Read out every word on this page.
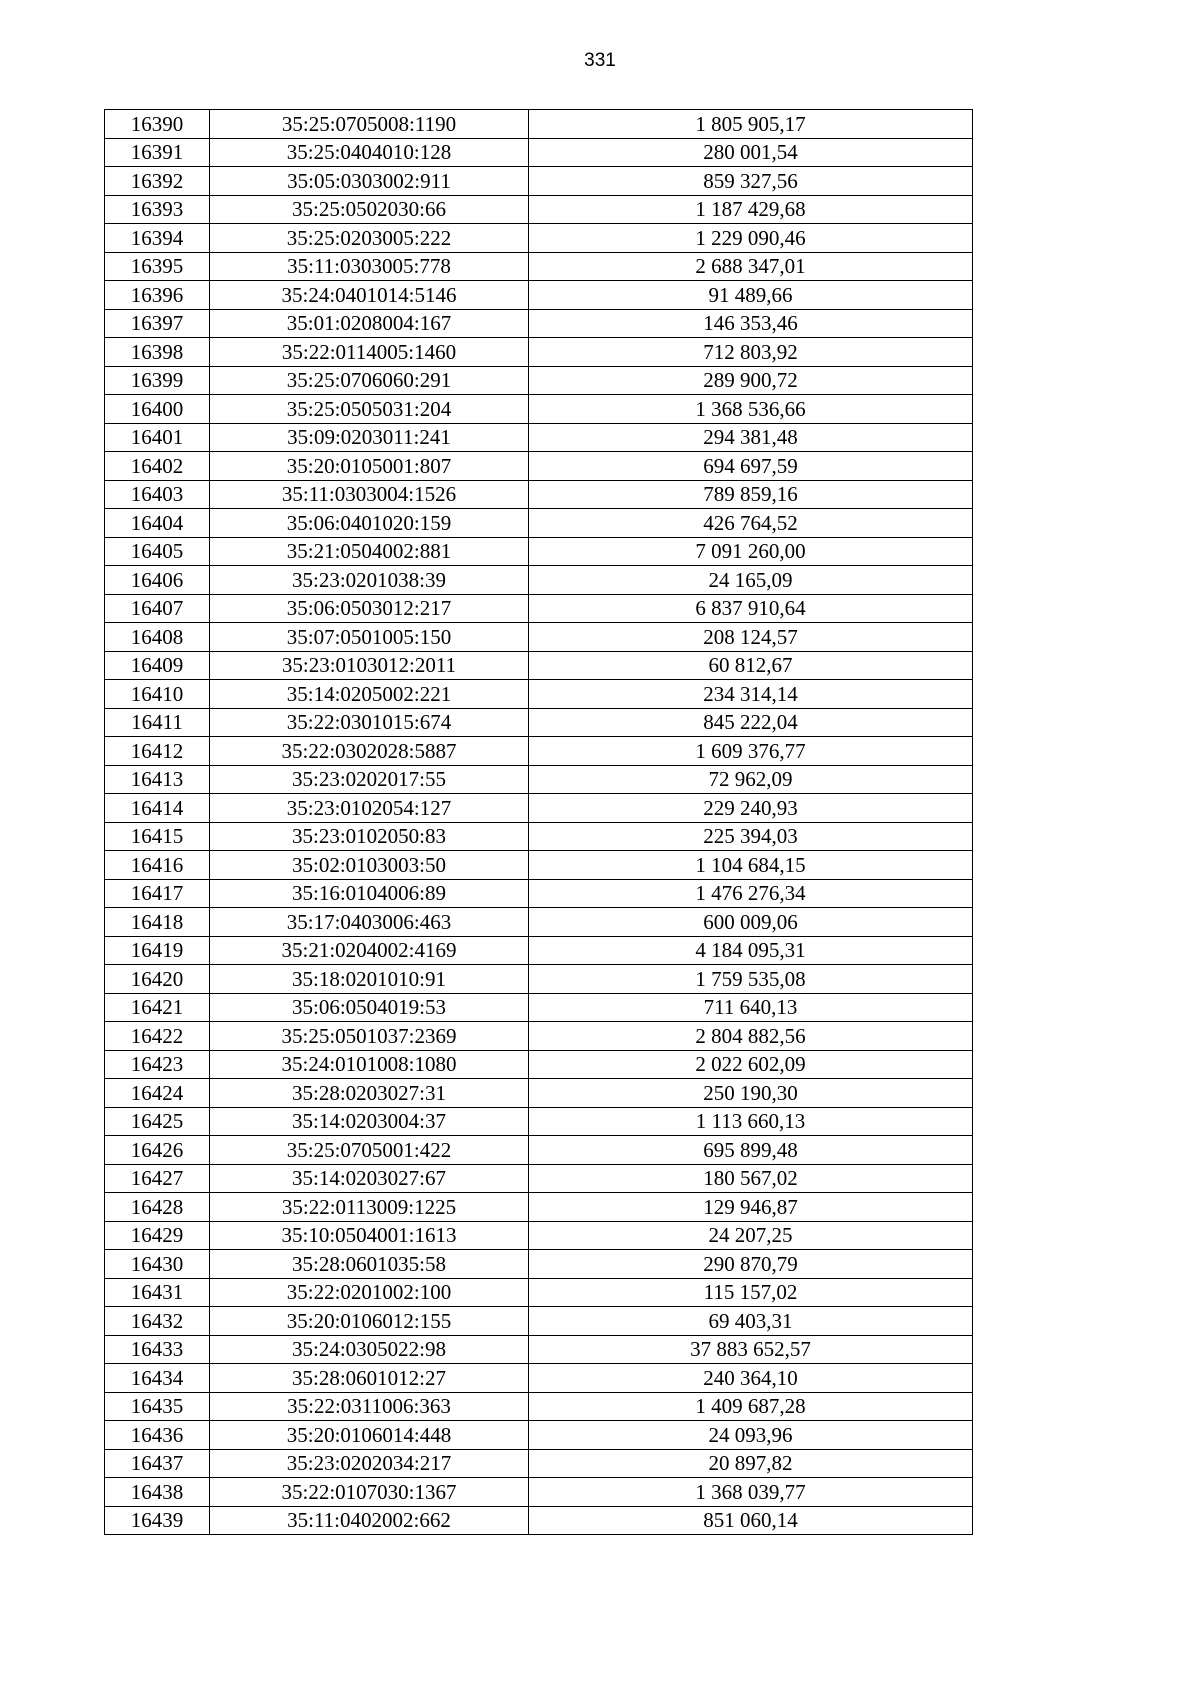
331
16390	35:25:0705008:1190	1 805 905,17
16391	35:25:0404010:128	280 001,54
16392	35:05:0303002:911	859 327,56
16393	35:25:0502030:66	1 187 429,68
16394	35:25:0203005:222	1 229 090,46
16395	35:11:0303005:778	2 688 347,01
16396	35:24:0401014:5146	91 489,66
16397	35:01:0208004:167	146 353,46
16398	35:22:0114005:1460	712 803,92
16399	35:25:0706060:291	289 900,72
16400	35:25:0505031:204	1 368 536,66
16401	35:09:0203011:241	294 381,48
16402	35:20:0105001:807	694 697,59
16403	35:11:0303004:1526	789 859,16
16404	35:06:0401020:159	426 764,52
16405	35:21:0504002:881	7 091 260,00
16406	35:23:0201038:39	24 165,09
16407	35:06:0503012:217	6 837 910,64
16408	35:07:0501005:150	208 124,57
16409	35:23:0103012:2011	60 812,67
16410	35:14:0205002:221	234 314,14
16411	35:22:0301015:674	845 222,04
16412	35:22:0302028:5887	1 609 376,77
16413	35:23:0202017:55	72 962,09
16414	35:23:0102054:127	229 240,93
16415	35:23:0102050:83	225 394,03
16416	35:02:0103003:50	1 104 684,15
16417	35:16:0104006:89	1 476 276,34
16418	35:17:0403006:463	600 009,06
16419	35:21:0204002:4169	4 184 095,31
16420	35:18:0201010:91	1 759 535,08
16421	35:06:0504019:53	711 640,13
16422	35:25:0501037:2369	2 804 882,56
16423	35:24:0101008:1080	2 022 602,09
16424	35:28:0203027:31	250 190,30
16425	35:14:0203004:37	1 113 660,13
16426	35:25:0705001:422	695 899,48
16427	35:14:0203027:67	180 567,02
16428	35:22:0113009:1225	129 946,87
16429	35:10:0504001:1613	24 207,25
16430	35:28:0601035:58	290 870,79
16431	35:22:0201002:100	115 157,02
16432	35:20:0106012:155	69 403,31
16433	35:24:0305022:98	37 883 652,57
16434	35:28:0601012:27	240 364,10
16435	35:22:0311006:363	1 409 687,28
16436	35:20:0106014:448	24 093,96
16437	35:23:0202034:217	20 897,82
16438	35:22:0107030:1367	1 368 039,77
16439	35:11:0402002:662	851 060,14
